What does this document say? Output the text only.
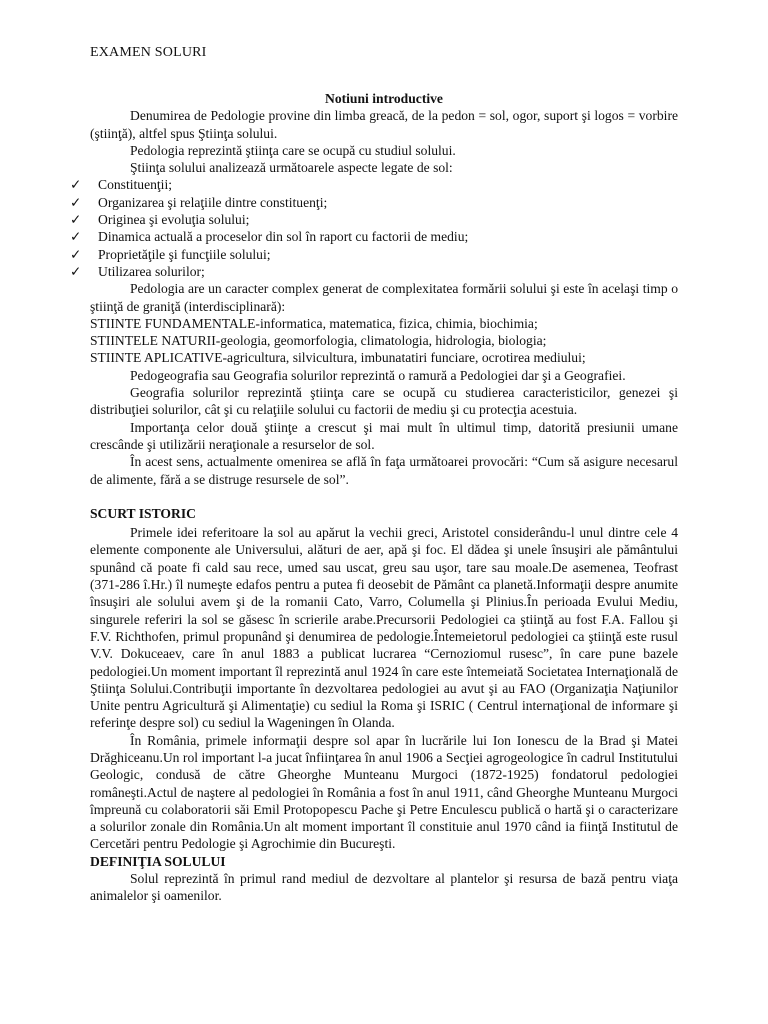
EXAMEN SOLURI
Notiuni introductive

Denumirea de Pedologie provine din limba greacă, de la pedon = sol, ogor, suport şi logos = vorbire (ştiinţă), altfel spus Ştiinţa solului.

Pedologia reprezintă ştiinţa care se ocupă cu studiul solului.

Ştiinţa solului analizează următoarele aspecte legate de sol:

✓ Constituenţii;
✓ Organizarea şi relaţiile dintre constituenţi;
✓ Originea şi evoluţia solului;
✓ Dinamica actuală a proceselor din sol în raport cu factorii de mediu;
✓ Proprietăţile şi funcţiile solului;
✓ Utilizarea solurilor;

Pedologia are un caracter complex generat de complexitatea formării solului şi este în acelaşi timp o ştiinţă de graniţă (interdisciplinară):

STIINTE FUNDAMENTALE-informatica, matematica, fizica, chimia, biochimia;

STIINTELE NATURII-geologia, geomorfologia, climatologia, hidrologia, biologia;

STIINTE APLICATIVE-agricultura, silvicultura, imbunatatiri funciare, ocrotirea mediului;

Pedogeografia sau Geografia solurilor reprezintă o ramură a Pedologiei dar şi a Geografiei.

Geografia solurilor reprezintă ştiinţa care se ocupă cu studierea caracteristicilor, genezei şi distribuţiei solurilor, cât şi cu relaţiile solului cu factorii de mediu şi cu protecţia acestuia.

Importanţa celor două ştiinţe a crescut şi mai mult în ultimul timp, datorită presiunii umane crescânde şi utilizării neraţionale a resurselor de sol.

În acest sens, actualmente omenirea se află în faţa următoarei provocări: “Cum să asigure necesarul de alimente, fără a se distruge resursele de sol”.

SCURT ISTORIC

Primele idei referitoare la sol au apărut la vechii greci, Aristotel considerându-l unul dintre cele 4 elemente componente ale Universului, alături de aer, apă şi foc. El dădea şi unele însuşiri ale pământului spunând că poate fi cald sau rece, umed sau uscat, greu sau uşor, tare sau moale.De asemenea, Teofrast (371-286 î.Hr.) îl numeşte edafos pentru a putea fi deosebit de Pământ ca planetă.Informaţii despre anumite însuşiri ale solului avem şi de la romanii Cato, Varro, Columella şi Plinius.În perioada Evului Mediu, singurele referiri la sol se găsesc în scrierile arabe.Precursorii Pedologiei ca ştiinţă au fost F.A. Fallou şi F.V. Richthofen, primul propunând şi denumirea de pedologie.Întemeietorul pedologiei ca ştiinţă este rusul V.V. Dokuceaev, care în anul 1883 a publicat lucrarea “Cernoziomul rusesc”, în care pune bazele pedologiei.Un moment important îl reprezintă anul 1924 în care este întemeiată Societatea Internaţională de Ştiinţa Solului.Contribuţii importante în dezvoltarea pedologiei au avut şi au FAO (Organizaţia Naţiunilor Unite pentru Agricultură şi Alimentaţie) cu sediul la Roma şi ISRIC ( Centrul internaţional de informare şi referinţe despre sol) cu sediul la Wageningen în Olanda.

În România, primele informaţii despre sol apar în lucrările lui Ion Ionescu de la Brad şi Matei Drăghiceanu.Un rol important l-a jucat înfiinţarea în anul 1906 a Secţiei agrogeologice în cadrul Institutului Geologic, condusă de către Gheorghe Munteanu Murgoci (1872-1925) fondatorul pedologiei româneşti.Actul de naştere al pedologiei în România a fost în anul 1911, când Gheorghe Munteanu Murgoci împreună cu colaboratorii săi Emil Protopopescu Pache şi Petre Enculescu publică o hartă şi o caracterizare a solurilor zonale din România.Un alt moment important îl constituie anul 1970 când ia fiinţă Institutul de Cercetări pentru Pedologie şi Agrochimie din Bucureşti.

DEFINIŢIA SOLULUI

Solul reprezintă în primul rand mediul de dezvoltare al plantelor şi resursa de bază pentru viaţa animalelor şi oamenilor.
